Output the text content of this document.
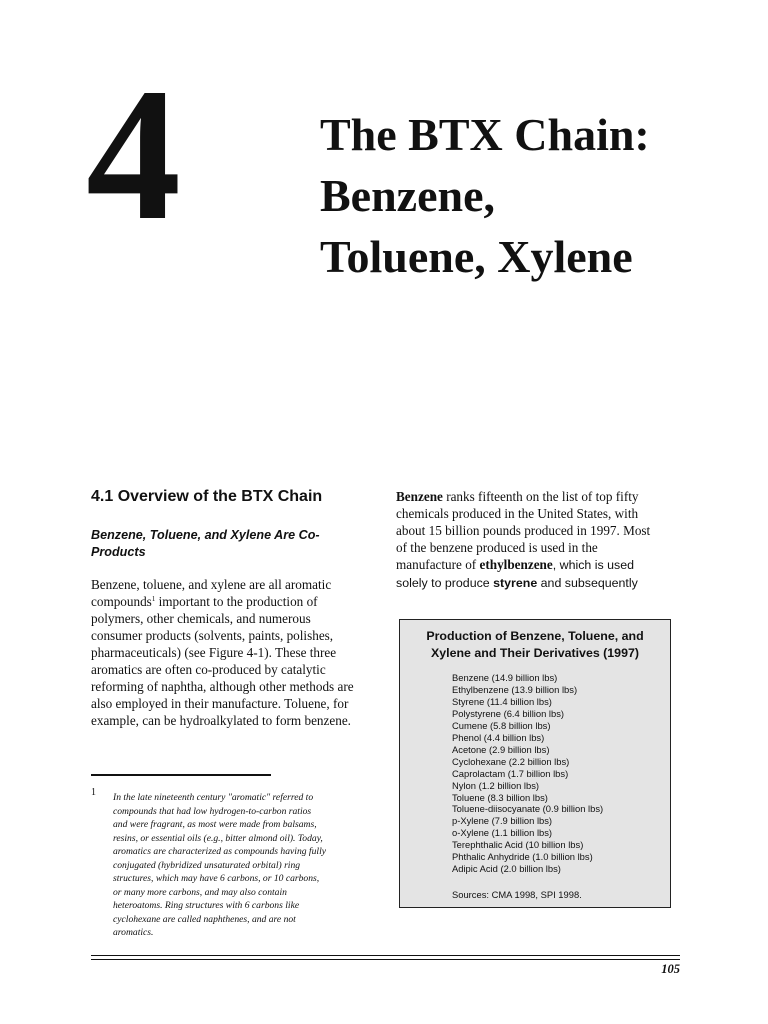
4	The BTX Chain:
Benzene,
Toluene, Xylene
4.1 Overview of the BTX Chain
Benzene, Toluene, and Xylene Are Co-Products

Benzene, toluene, and xylene are all aromatic
compounds$^1$ important to the production of
polymers, other chemicals, and numerous
consumer products (solvents, paints, polishes,
pharmaceuticals) (see Figure 4-1). These three
aromatics are often co-produced by catalytic
reforming of naphtha, although other methods are
also employed in their manufacture. Toluene, for
example, can be hydroalkylated to form benzene.

Benzene ranks fifteenth on the list of top fifty
chemicals produced in the United States, with
about 15 billion pounds produced in 1997. Most
of the benzene produced is used in the
manufacture of ethylbenzene, which is used
solely to produce styrene and subsequently

1 In the late nineteenth century "aromatic" referred to
compounds that had low hydrogen-to-carbon ratios
and were fragrant, as most were made from balsams,
resins, or essential oils (e.g., bitter almond oil). Today,
aromatics are characterized as compounds having fully
conjugated (hybridized unsaturated orbital) ring
structures, which may have 6 carbons, or 10 carbons,
or many more carbons, and may also contain
heteroatoms. Ring structures with 6 carbons like
cyclohexane are called naphthenes, and are not
aromatics.

Production of Benzene, Toluene, and
Xylene and Their Derivatives (1997)
Benzene (14.9 billion lbs)
Ethylbenzene (13.9 billion lbs)
Styrene (11.4 billion lbs)
Polystyrene (6.4 billion lbs)
Cumene (5.8 billion lbs)
Phenol (4.4 billion lbs)
Acetone (2.9 billion lbs)
Cyclohexane (2.2 billion lbs)
Caprolactam (1.7 billion lbs)
Nylon (1.2 billion lbs)
Toluene (8.3 billion lbs)
Toluene-diisocyanate (0.9 billion lbs)
p-Xylene (7.9 billion lbs)
o-Xylene (1.1 billion lbs)
Terephthalic Acid (10 billion lbs)
Phthalic Anhydride (1.0 billion lbs)
Adipic Acid (2.0 billion lbs)

Sources: CMA 1998, SPI 1998.

105
